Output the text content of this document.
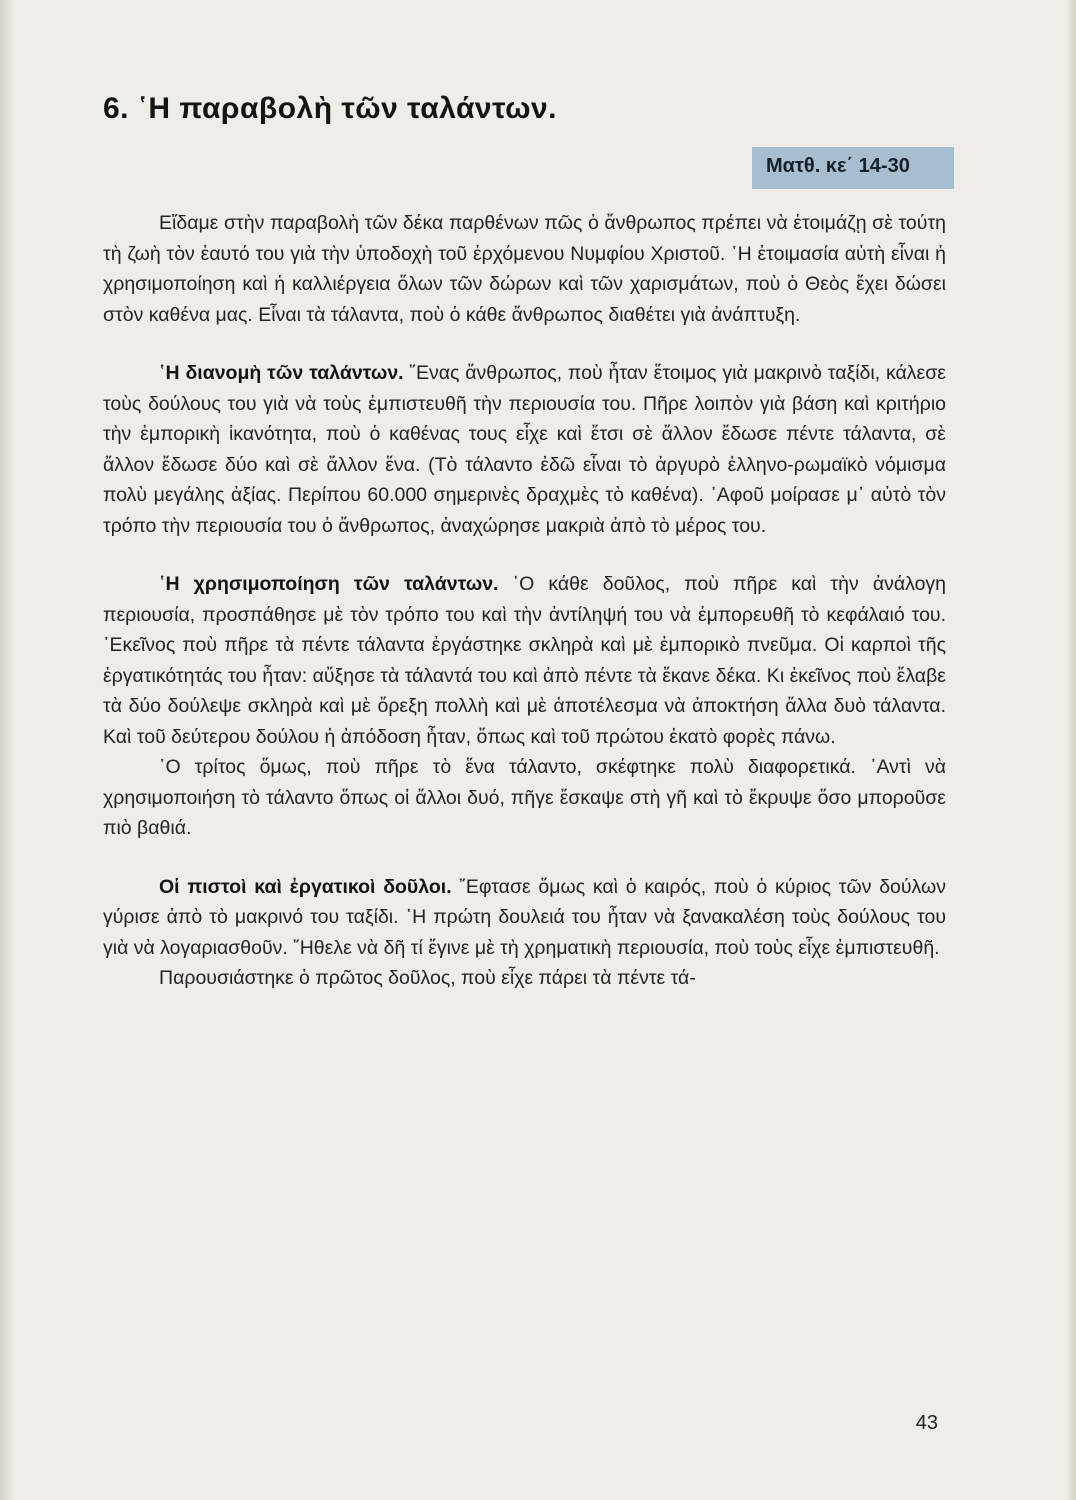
6. ῾Η παραβολὴ τῶν ταλάντων.
Ματθ. κε΄ 14-30

Εἴδαμε στὴν παραβολὴ τῶν δέκα παρθένων πῶς ὁ ἄνθρωπος πρέπει νὰ ἑτοιμάζῃ σὲ τούτη τὴ ζωὴ τὸν ἑαυτό του γιὰ τὴν ὑποδοχὴ τοῦ ἐρχόμενου Νυμφίου Χριστοῦ. ῾Η ἑτοιμασία αὐτὴ εἶναι ἡ χρησιμοποίηση καὶ ἡ καλλιέργεια ὅλων τῶν δώρων καὶ τῶν χαρισμάτων, ποὺ ὁ Θεὸς ἔχει δώσει στὸν καθένα μας. Εἶναι τὰ τάλαντα, ποὺ ὁ κάθε ἄνθρωπος διαθέτει γιὰ ἀνάπτυξη.

῾Η διανομὴ τῶν ταλάντων. ῞Ενας ἄνθρωπος, ποὺ ἦταν ἕτοιμος γιὰ μακρινὸ ταξίδι, κάλεσε τοὺς δούλους του γιὰ νὰ τοὺς ἐμπιστευθῆ τὴν περιουσία του. Πῆρε λοιπὸν γιὰ βάση καὶ κριτήριο τὴν ἐμπορικὴ ἱκανότητα, ποὺ ὁ καθένας τους εἶχε καὶ ἔτσι σὲ ἄλλον ἔδωσε πέντε τάλαντα, σὲ ἄλλον ἔδωσε δύο καὶ σὲ ἄλλον ἕνα. (Τὸ τάλαντο ἐδῶ εἶναι τὸ ἀργυρὸ ἑλληνο-ρωμαϊκὸ νόμισμα πολὺ μεγάλης ἀξίας. Περίπου 60.000 σημερινὲς δραχμὲς τὸ καθένα). ᾿Αφοῦ μοίρασε μ᾿ αὐτὸ τὸν τρόπο τὴν περιουσία του ὁ ἄνθρωπος, ἀναχώρησε μακριὰ ἀπὸ τὸ μέρος του.

῾Η χρησιμοποίηση τῶν ταλάντων. ῾Ο κάθε δοῦλος, ποὺ πῆρε καὶ τὴν ἀνάλογη περιουσία, προσπάθησε μὲ τὸν τρόπο του καὶ τὴν ἀντίληψή του νὰ ἐμπορευθῆ τὸ κεφάλαιό του. ᾿Εκεῖνος ποὺ πῆρε τὰ πέντε τάλαντα ἐργάστηκε σκληρὰ καὶ μὲ ἐμπορικὸ πνεῦμα. Οἱ καρποὶ τῆς ἐργατικότητάς του ἦταν: αὔξησε τὰ τάλαντά του καὶ ἀπὸ πέντε τὰ ἔκανε δέκα. Κι ἐκεῖνος ποὺ ἔλαβε τὰ δύο δούλεψε σκληρὰ καὶ μὲ ὄρεξη πολλὴ καὶ μὲ ἀποτέλεσμα νὰ ἀποκτήση ἄλλα δυὸ τάλαντα. Καὶ τοῦ δεύτερου δούλου ἡ ἀπόδοση ἦταν, ὅπως καὶ τοῦ πρώτου ἑκατὸ φορὲς πάνω.

῾Ο τρίτος ὅμως, ποὺ πῆρε τὸ ἕνα τάλαντο, σκέφτηκε πολὺ διαφορετικά. ᾿Αντὶ νὰ χρησιμοποιήση τὸ τάλαντο ὅπως οἱ ἄλλοι δυό, πῆγε ἔσκαψε στὴ γῆ καὶ τὸ ἔκρυψε ὅσο μποροῦσε πιὸ βαθιά.

Οἱ πιστοὶ καὶ ἐργατικοὶ δοῦλοι. ῎Εφτασε ὅμως καὶ ὁ καιρός, ποὺ ὁ κύριος τῶν δούλων γύρισε ἀπὸ τὸ μακρινό του ταξίδι. ῾Η πρώτη δουλειά του ἦταν νὰ ξανακαλέση τοὺς δούλους του γιὰ νὰ λογαριασθοῦν. ῎Ηθελε νὰ δῆ τί ἔγινε μὲ τὴ χρηματικὴ περιουσία, ποὺ τοὺς εἶχε ἐμπιστευθῆ.

Παρουσιάστηκε ὁ πρῶτος δοῦλος, ποὺ εἶχε πάρει τὰ πέντε τά-

43
